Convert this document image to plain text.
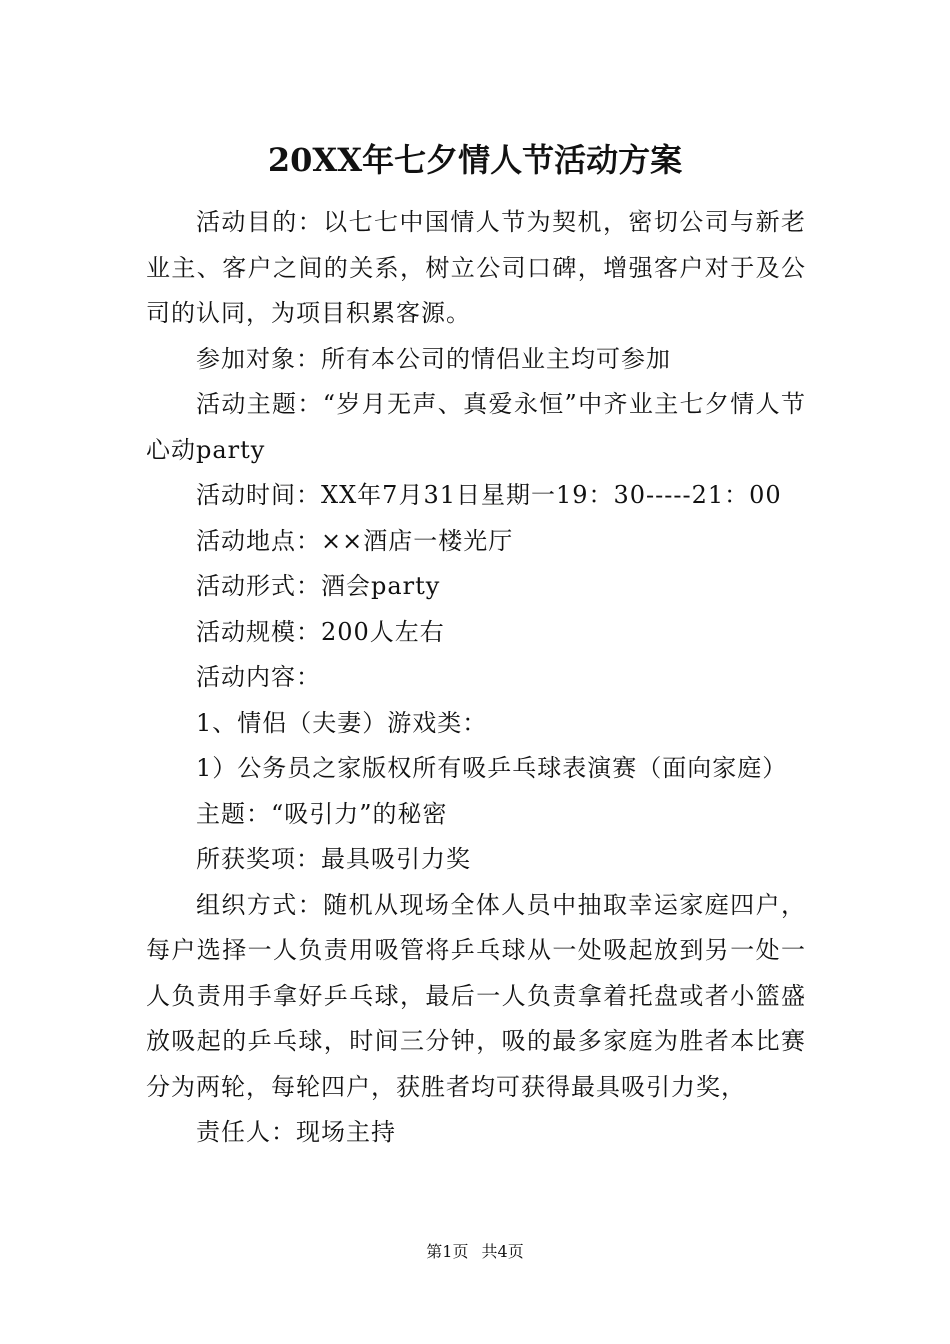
20XX年七夕情人节活动方案

活动目的：以七七中国情人节为契机，密切公司与新老业主、客户之间的关系，树立公司口碑，增强客户对于及公司的认同，为项目积累客源。

参加对象：所有本公司的情侣业主均可参加

活动主题：“岁月无声、真爱永恒”中齐业主七夕情人节心动party

活动时间：XX年7月31日星期一19：30-----21：00

活动地点：××酒店一楼光厅

活动形式：酒会party

活动规模：200人左右

活动内容：

1、情侣（夫妻）游戏类：

1）公务员之家版权所有吸乒乓球表演赛（面向家庭）

主题：“吸引力”的秘密

所获奖项：最具吸引力奖

组织方式：随机从现场全体人员中抽取幸运家庭四户，每户选择一人负责用吸管将乒乓球从一处吸起放到另一处一人负责用手拿好乒乓球，最后一人负责拿着托盘或者小篮盛放吸起的乒乓球，时间三分钟，吸的最多家庭为胜者本比赛分为两轮，每轮四户，获胜者均可获得最具吸引力奖，

责任人：现场主持

第1页 共4页
